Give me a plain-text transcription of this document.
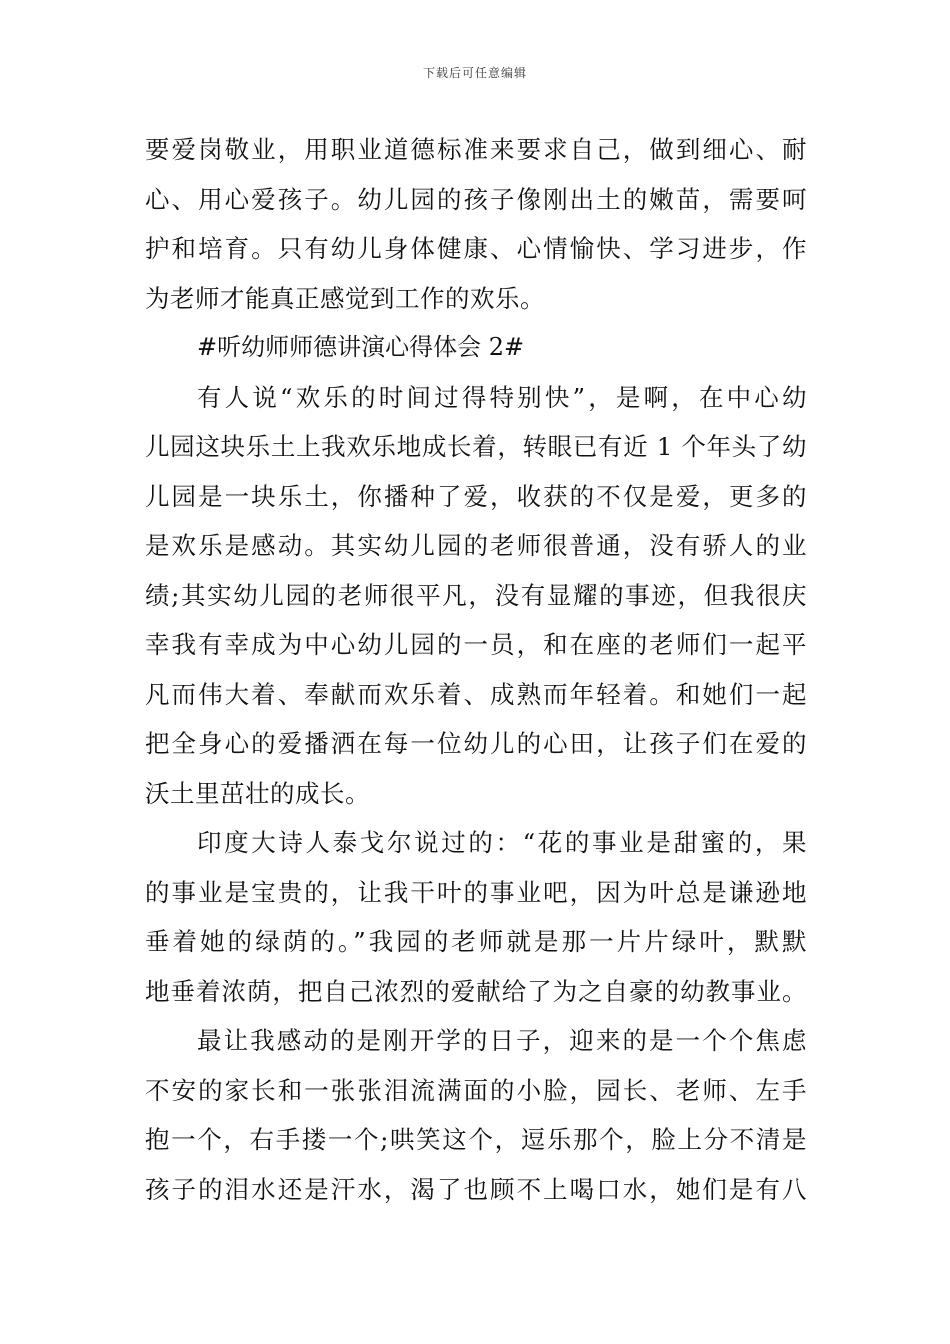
下载后可任意编辑
要爱岗敬业，用职业道德标准来要求自己，做到细心、耐
心、用心爱孩子。幼儿园的孩子像刚出土的嫩苗，需要呵
护和培育。只有幼儿身体健康、心情愉快、学习进步，作
为老师才能真正感觉到工作的欢乐。
#听幼师师德讲演心得体会 2#
有人说“欢乐的时间过得特别快”，是啊，在中心幼
儿园这块乐土上我欢乐地成长着，转眼已有近 1 个年头了幼
儿园是一块乐土，你播种了爱，收获的不仅是爱，更多的
是欢乐是感动。其实幼儿园的老师很普通，没有骄人的业
绩;其实幼儿园的老师很平凡，没有显耀的事迹，但我很庆
幸我有幸成为中心幼儿园的一员，和在座的老师们一起平
凡而伟大着、奉献而欢乐着、成熟而年轻着。和她们一起
把全身心的爱播洒在每一位幼儿的心田，让孩子们在爱的
沃土里茁壮的成长。
印度大诗人泰戈尔说过的：“花的事业是甜蜜的，果
的事业是宝贵的，让我干叶的事业吧，因为叶总是谦逊地
垂着她的绿荫的。”我园的老师就是那一片片绿叶，默默
地垂着浓荫，把自己浓烈的爱献给了为之自豪的幼教事业。
最让我感动的是刚开学的日子，迎来的是一个个焦虑
不安的家长和一张张泪流满面的小脸，园长、老师、左手
抱一个，右手搂一个;哄笑这个，逗乐那个，脸上分不清是
孩子的泪水还是汗水，渴了也顾不上喝口水，她们是有八
